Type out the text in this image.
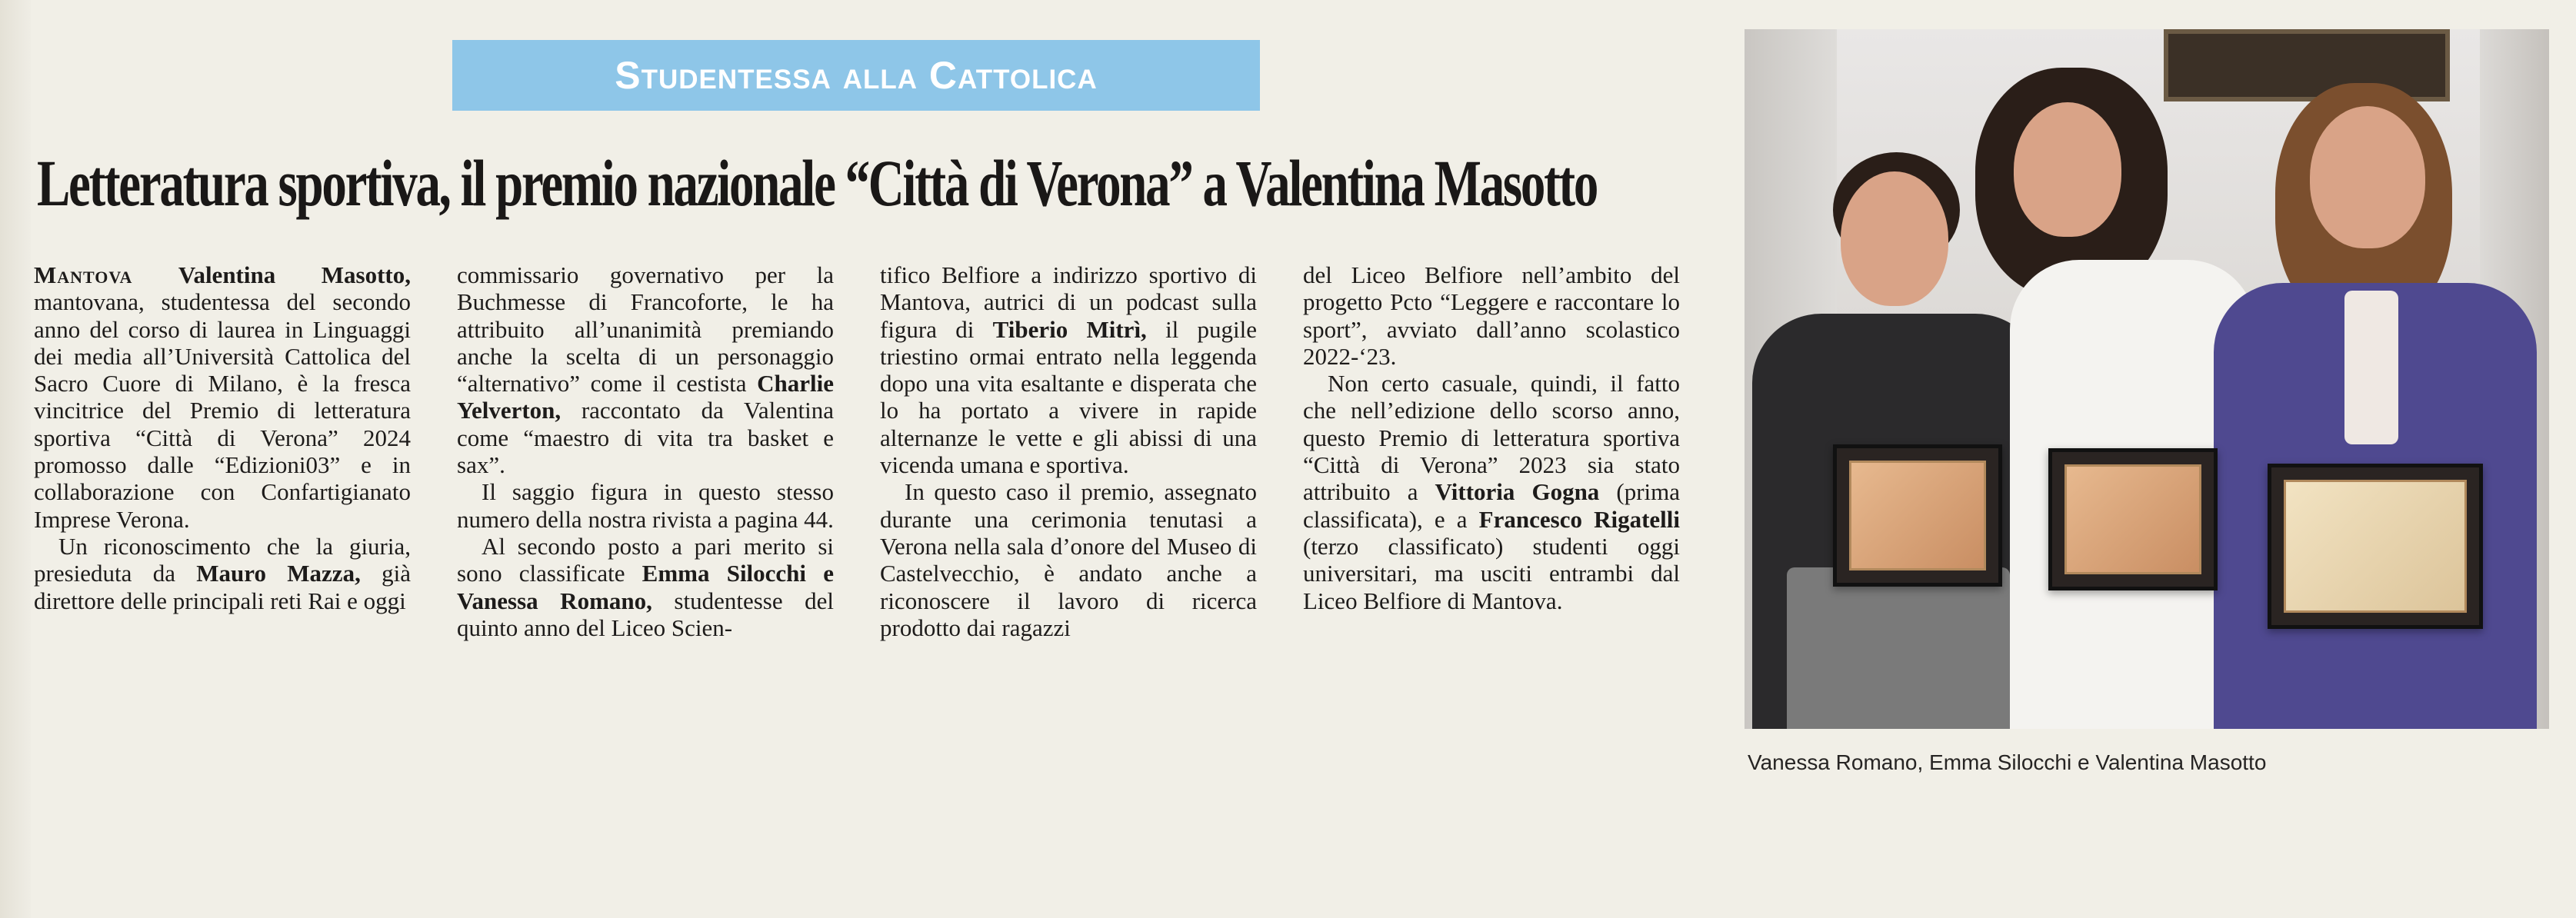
Studentessa alla Cattolica
Letteratura sportiva, il premio nazionale “Città di Verona” a Valentina Masotto

Mantova Valentina Masotto, mantovana, studentessa del secondo anno del corso di laurea in Linguaggi dei media all’Università Cattolica del Sacro Cuore di Milano, è la fresca vincitrice del Premio di letteratura sportiva “Città di Verona” 2024 promosso dalle “Edizioni03” e in collaborazione con Confartigianato Imprese Verona.

Un riconoscimento che la giuria, presieduta da Mauro Mazza, già direttore delle principali reti Rai e oggi

commissario governativo per la Buchmesse di Francoforte, le ha attribuito all’unanimità premiando anche la scelta di un personaggio “alternativo” come il cestista Charlie Yelverton, raccontato da Valentina come “maestro di vita tra basket e sax”.

Il saggio figura in questo stesso numero della nostra rivista a pagina 44.

Al secondo posto a pari merito si sono classificate Emma Silocchi e Vanessa Romano, studentesse del quinto anno del Liceo Scien-

tifico Belfiore a indirizzo sportivo di Mantova, autrici di un podcast sulla figura di Tiberio Mitrì, il pugile triestino ormai entrato nella leggenda dopo una vita esaltante e disperata che lo ha portato a vivere in rapide alternanze le vette e gli abissi di una vicenda umana e sportiva.

In questo caso il premio, assegnato durante una cerimonia tenutasi a Verona nella sala d’onore del Museo di Castelvecchio, è andato anche a riconoscere il lavoro di ricerca prodotto dai ragazzi

del Liceo Belfiore nell’ambito del progetto Pcto “Leggere e raccontare lo sport”, avviato dall’anno scolastico 2022-‘23.

Non certo casuale, quindi, il fatto che nell’edizione dello scorso anno, questo Premio di letteratura sportiva “Città di Verona” 2023 sia stato attribuito a Vittoria Gogna (prima classificata), e a Francesco Rigatelli (terzo classificato) studenti oggi universitari, ma usciti entrambi dal Liceo Belfiore di Mantova.

Vanessa Romano, Emma Silocchi e Valentina Masotto
